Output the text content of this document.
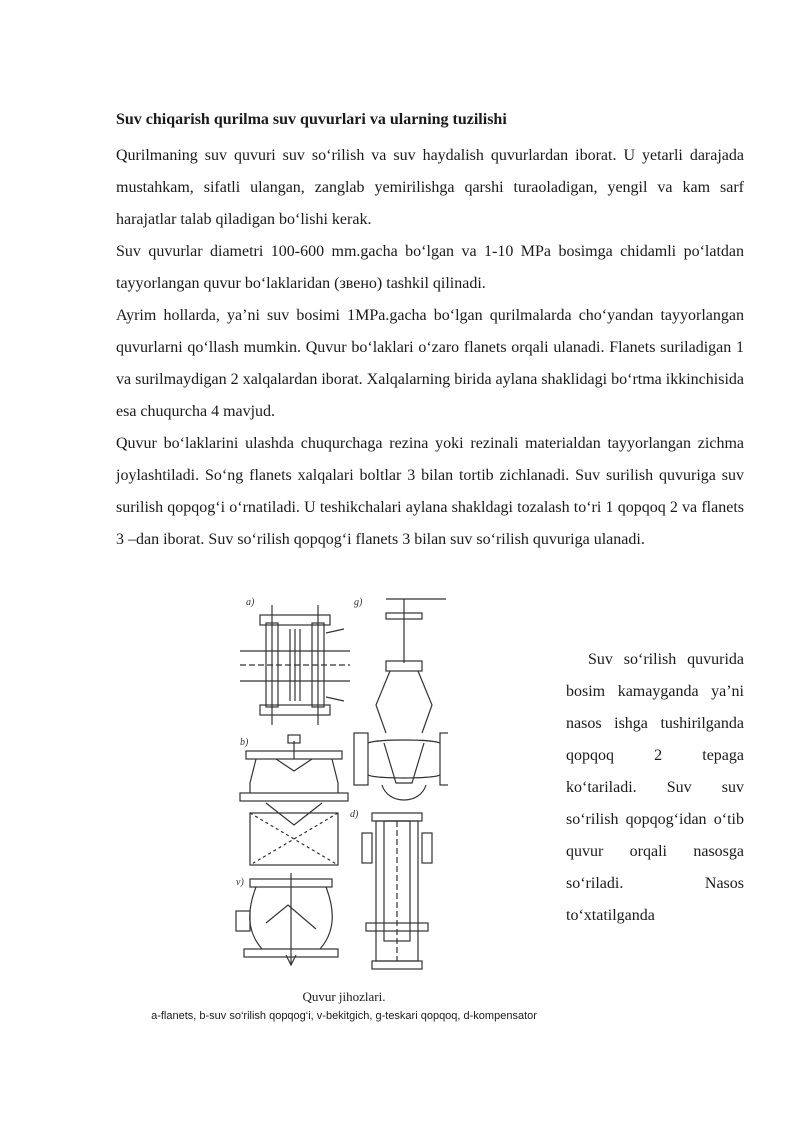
Suv chiqarish qurilma suv quvurlari va ularning tuzilishi

Qurilmaning suv quvuri suv so‘rilish va suv haydalish quvurlardan iborat. U yetarli darajada mustahkam, sifatli ulangan, zanglab yemirilishga qarshi turaoladigan, yengil va kam sarf harajatlar talab qiladigan bo‘lishi kerak.

Suv quvurlar diametri 100-600 mm.gacha bo‘lgan va 1-10 MPa bosimga chidamli po‘latdan tayyorlangan quvur bo‘laklaridan (звено) tashkil qilinadi.

Ayrim hollarda, ya’ni suv bosimi 1MPa.gacha bo‘lgan qurilmalarda cho‘yandan tayyorlangan quvurlarni qo‘llash mumkin. Quvur bo‘laklari o‘zaro flanets orqali ulanadi. Flanets suriladigan 1 va surilmaydigan 2 xalqalardan iborat. Xalqalarning birida aylana shaklidagi bo‘rtma ikkinchisida esa chuqurcha 4 mavjud.

Quvur bo‘laklarini ulashda chuqurchaga rezina yoki rezinali materialdan tayyorlangan zichma joylashtiladi. So‘ng flanets xalqalari boltlar 3 bilan tortib zichlanadi. Suv surilish quvuriga suv surilish qopqog‘i o‘rnatiladi. U teshikchalari aylana shakldagi tozalash to‘ri 1 qopqoq 2 va flanets 3 –dan iborat. Suv so‘rilish qopqog‘i flanets 3 bilan suv so‘rilish quvuriga ulanadi.

a)
b)
v)
g)
d)
Quvur jihozlari.
a-flanets, b-suv so‘rilish qopqog‘i, v-bekitgich, g-teskari qopqoq, d-kompensator

Suv so‘rilish quvurida bosim kamayganda ya’ni nasos ishga tushirilganda qopqoq 2 tepaga ko‘tariladi. Suv suv so‘rilish qopqog‘idan o‘tib quvur orqali nasosga so‘riladi. Nasos to‘xtatilganda
